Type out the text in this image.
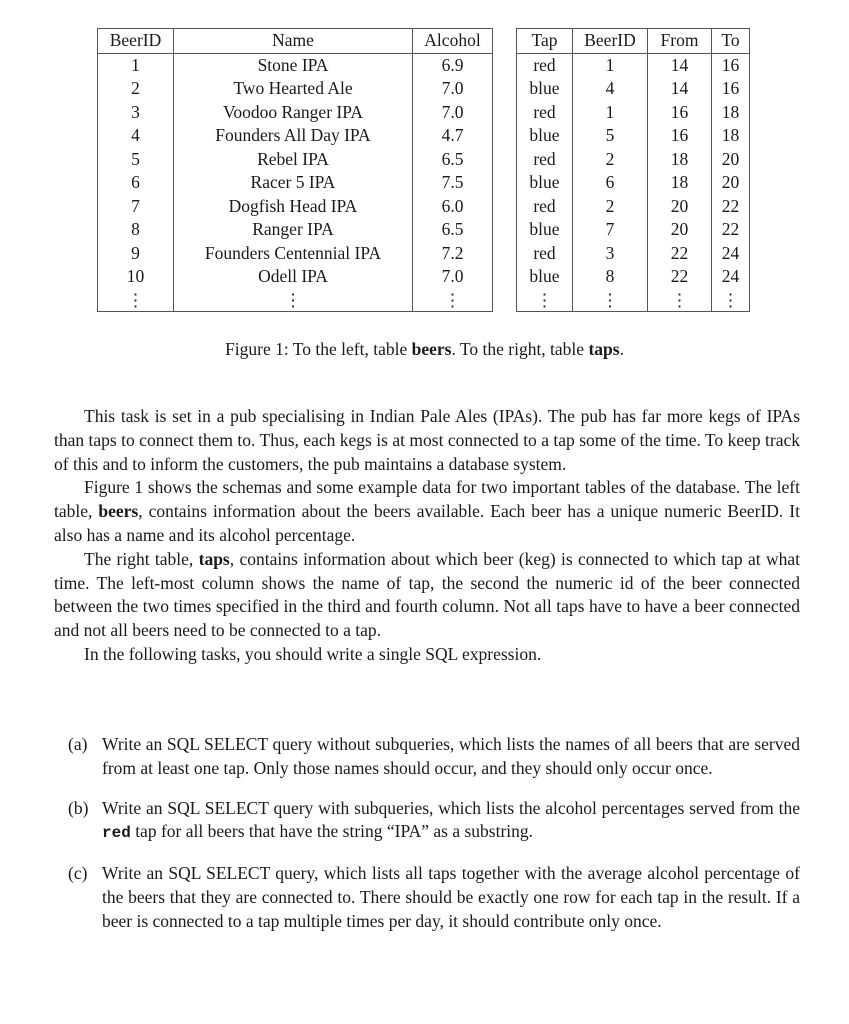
BeerID	Name	Alcohol
1	Stone IPA	6.9
2	Two Hearted Ale	7.0
3	Voodoo Ranger IPA	7.0
4	Founders All Day IPA	4.7
5	Rebel IPA	6.5
6	Racer 5 IPA	7.5
7	Dogfish Head IPA	6.0
8	Ranger IPA	6.5
9	Founders Centennial IPA	7.2
10	Odell IPA	7.0
⋮	⋮	⋮
Tap	BeerID	From	To
red	1	14	16
blue	4	14	16
red	1	16	18
blue	5	16	18
red	2	18	20
blue	6	18	20
red	2	20	22
blue	7	20	22
red	3	22	24
blue	8	22	24
⋮	⋮	⋮	⋮
Figure 1: To the left, table beers. To the right, table taps.

This task is set in a pub specialising in Indian Pale Ales (IPAs). The pub has far more kegs of IPAs than taps to connect them to. Thus, each kegs is at most connected to a tap some of the time. To keep track of this and to inform the customers, the pub maintains a database system.

Figure 1 shows the schemas and some example data for two important tables of the database. The left table, beers, contains information about the beers available. Each beer has a unique numeric BeerID. It also has a name and its alcohol percentage.

The right table, taps, contains information about which beer (keg) is connected to which tap at what time. The left-most column shows the name of tap, the second the numeric id of the beer connected between the two times specified in the third and fourth column. Not all taps have to have a beer connected and not all beers need to be connected to a tap.

In the following tasks, you should write a single SQL expression.

(a) Write an SQL SELECT query without subqueries, which lists the names of all beers that are served from at least one tap. Only those names should occur, and they should only occur once.
(b) Write an SQL SELECT query with subqueries, which lists the alcohol percentages served from the red tap for all beers that have the string “IPA” as a substring.
(c) Write an SQL SELECT query, which lists all taps together with the average alcohol percentage of the beers that they are connected to. There should be exactly one row for each tap in the result. If a beer is connected to a tap multiple times per day, it should contribute only once.
